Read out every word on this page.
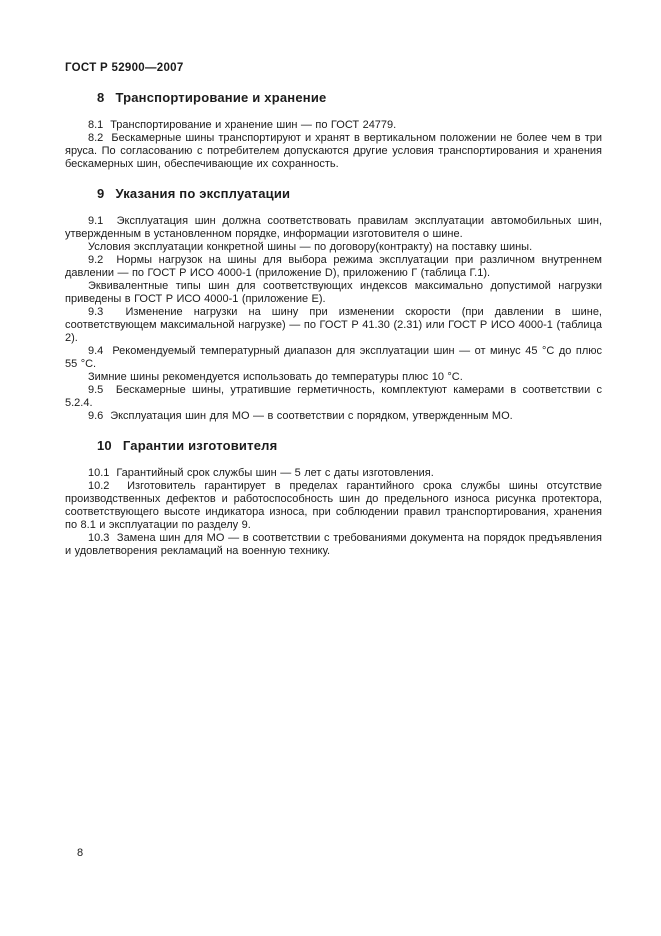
ГОСТ Р 52900—2007
8 Транспортирование и хранение

8.1  Транспортирование и хранение шин — по ГОСТ 24779.

8.2  Бескамерные шины транспортируют и хранят в вертикальном положении не более чем в три яруса. По согласованию с потребителем допускаются другие условия транспортирования и хранения бескамерных шин, обеспечивающие их сохранность.

9 Указания по эксплуатации

9.1  Эксплуатация шин должна соответствовать правилам эксплуатации автомобильных шин, утвержденным в установленном порядке, информации изготовителя о шине.

Условия эксплуатации конкретной шины — по договору(контракту) на поставку шины.

9.2  Нормы нагрузок на шины для выбора режима эксплуатации при различном внутреннем давлении — по ГОСТ Р ИСО 4000-1 (приложение D), приложению Г (таблица Г.1).

Эквивалентные типы шин для соответствующих индексов максимально допустимой нагрузки приведены в ГОСТ Р ИСО 4000-1 (приложение Е).

9.3  Изменение нагрузки на шину при изменении скорости (при давлении в шине, соответствующем максимальной нагрузке) — по ГОСТ Р 41.30 (2.31) или ГОСТ Р ИСО 4000-1 (таблица 2).

9.4  Рекомендуемый температурный диапазон для эксплуатации шин — от минус 45 °С до плюс 55 °С.

Зимние шины рекомендуется использовать до температуры плюс 10 °С.

9.5  Бескамерные шины, утратившие герметичность, комплектуют камерами в соответствии с 5.2.4.

9.6  Эксплуатация шин для МО — в соответствии с порядком, утвержденным МО.

10 Гарантии изготовителя

10.1  Гарантийный срок службы шин — 5 лет с даты изготовления.

10.2  Изготовитель гарантирует в пределах гарантийного срока службы шины отсутствие производственных дефектов и работоспособность шин до предельного износа рисунка протектора, соответствующего высоте индикатора износа, при соблюдении правил транспортирования, хранения по 8.1 и эксплуатации по разделу 9.

10.3  Замена шин для МО — в соответствии с требованиями документа на порядок предъявления и удовлетворения рекламаций на военную технику.

8
